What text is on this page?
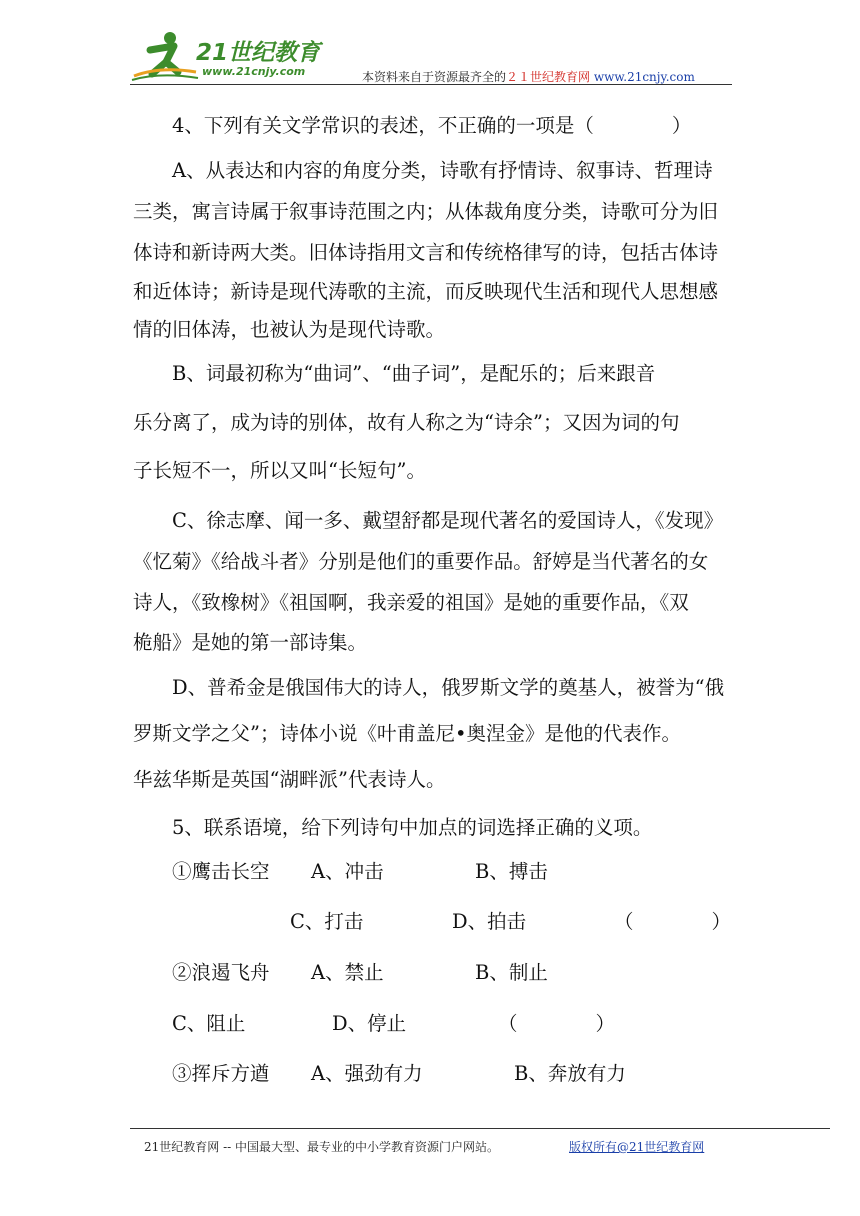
21世纪教育
www.21cnjy.com	本资料来自于资源最齐全的２１世纪教育网 www.21cnjy.com
4、下列有关文学常识的表述，不正确的一项是（　　　　）
A、从表达和内容的角度分类，诗歌有抒情诗、叙事诗、哲理诗
三类，寓言诗属于叙事诗范围之内；从体裁角度分类，诗歌可分为旧
体诗和新诗两大类。旧体诗指用文言和传统格律写的诗，包括古体诗
和近体诗；新诗是现代涛歌的主流，而反映现代生活和现代人思想感
情的旧体涛，也被认为是现代诗歌。
B、词最初称为“曲词”、“曲子词”，是配乐的；后来跟音
乐分离了，成为诗的别体，故有人称之为“诗余”；又因为词的句
子长短不一，所以又叫“长短句”。
C、徐志摩、闻一多、戴望舒都是现代著名的爱国诗人，《发现》
《忆菊》《给战斗者》分别是他们的重要作品。舒婷是当代著名的女
诗人，《致橡树》《祖国啊，我亲爱的祖国》是她的重要作品，《双
桅船》是她的第一部诗集。
D、普希金是俄国伟大的诗人，俄罗斯文学的奠基人，被誉为“俄
罗斯文学之父”；诗体小说《叶甫盖尼•奥涅金》是他的代表作。
华兹华斯是英国“湖畔派”代表诗人。
5、联系语境，给下列诗句中加点的词选择正确的义项。
①鹰击长空 A、冲击	B、搏击
C、打击	D、拍击	（　　　　）
②浪遏飞舟 A、禁止	B、制止
C、阻止	D、停止	（　　　　）
③挥斥方遒 A、强劲有力	B、奔放有力
21世纪教育网 -- 中国最大型、最专业的中小学教育资源门户网站。	版权所有@21世纪教育网
